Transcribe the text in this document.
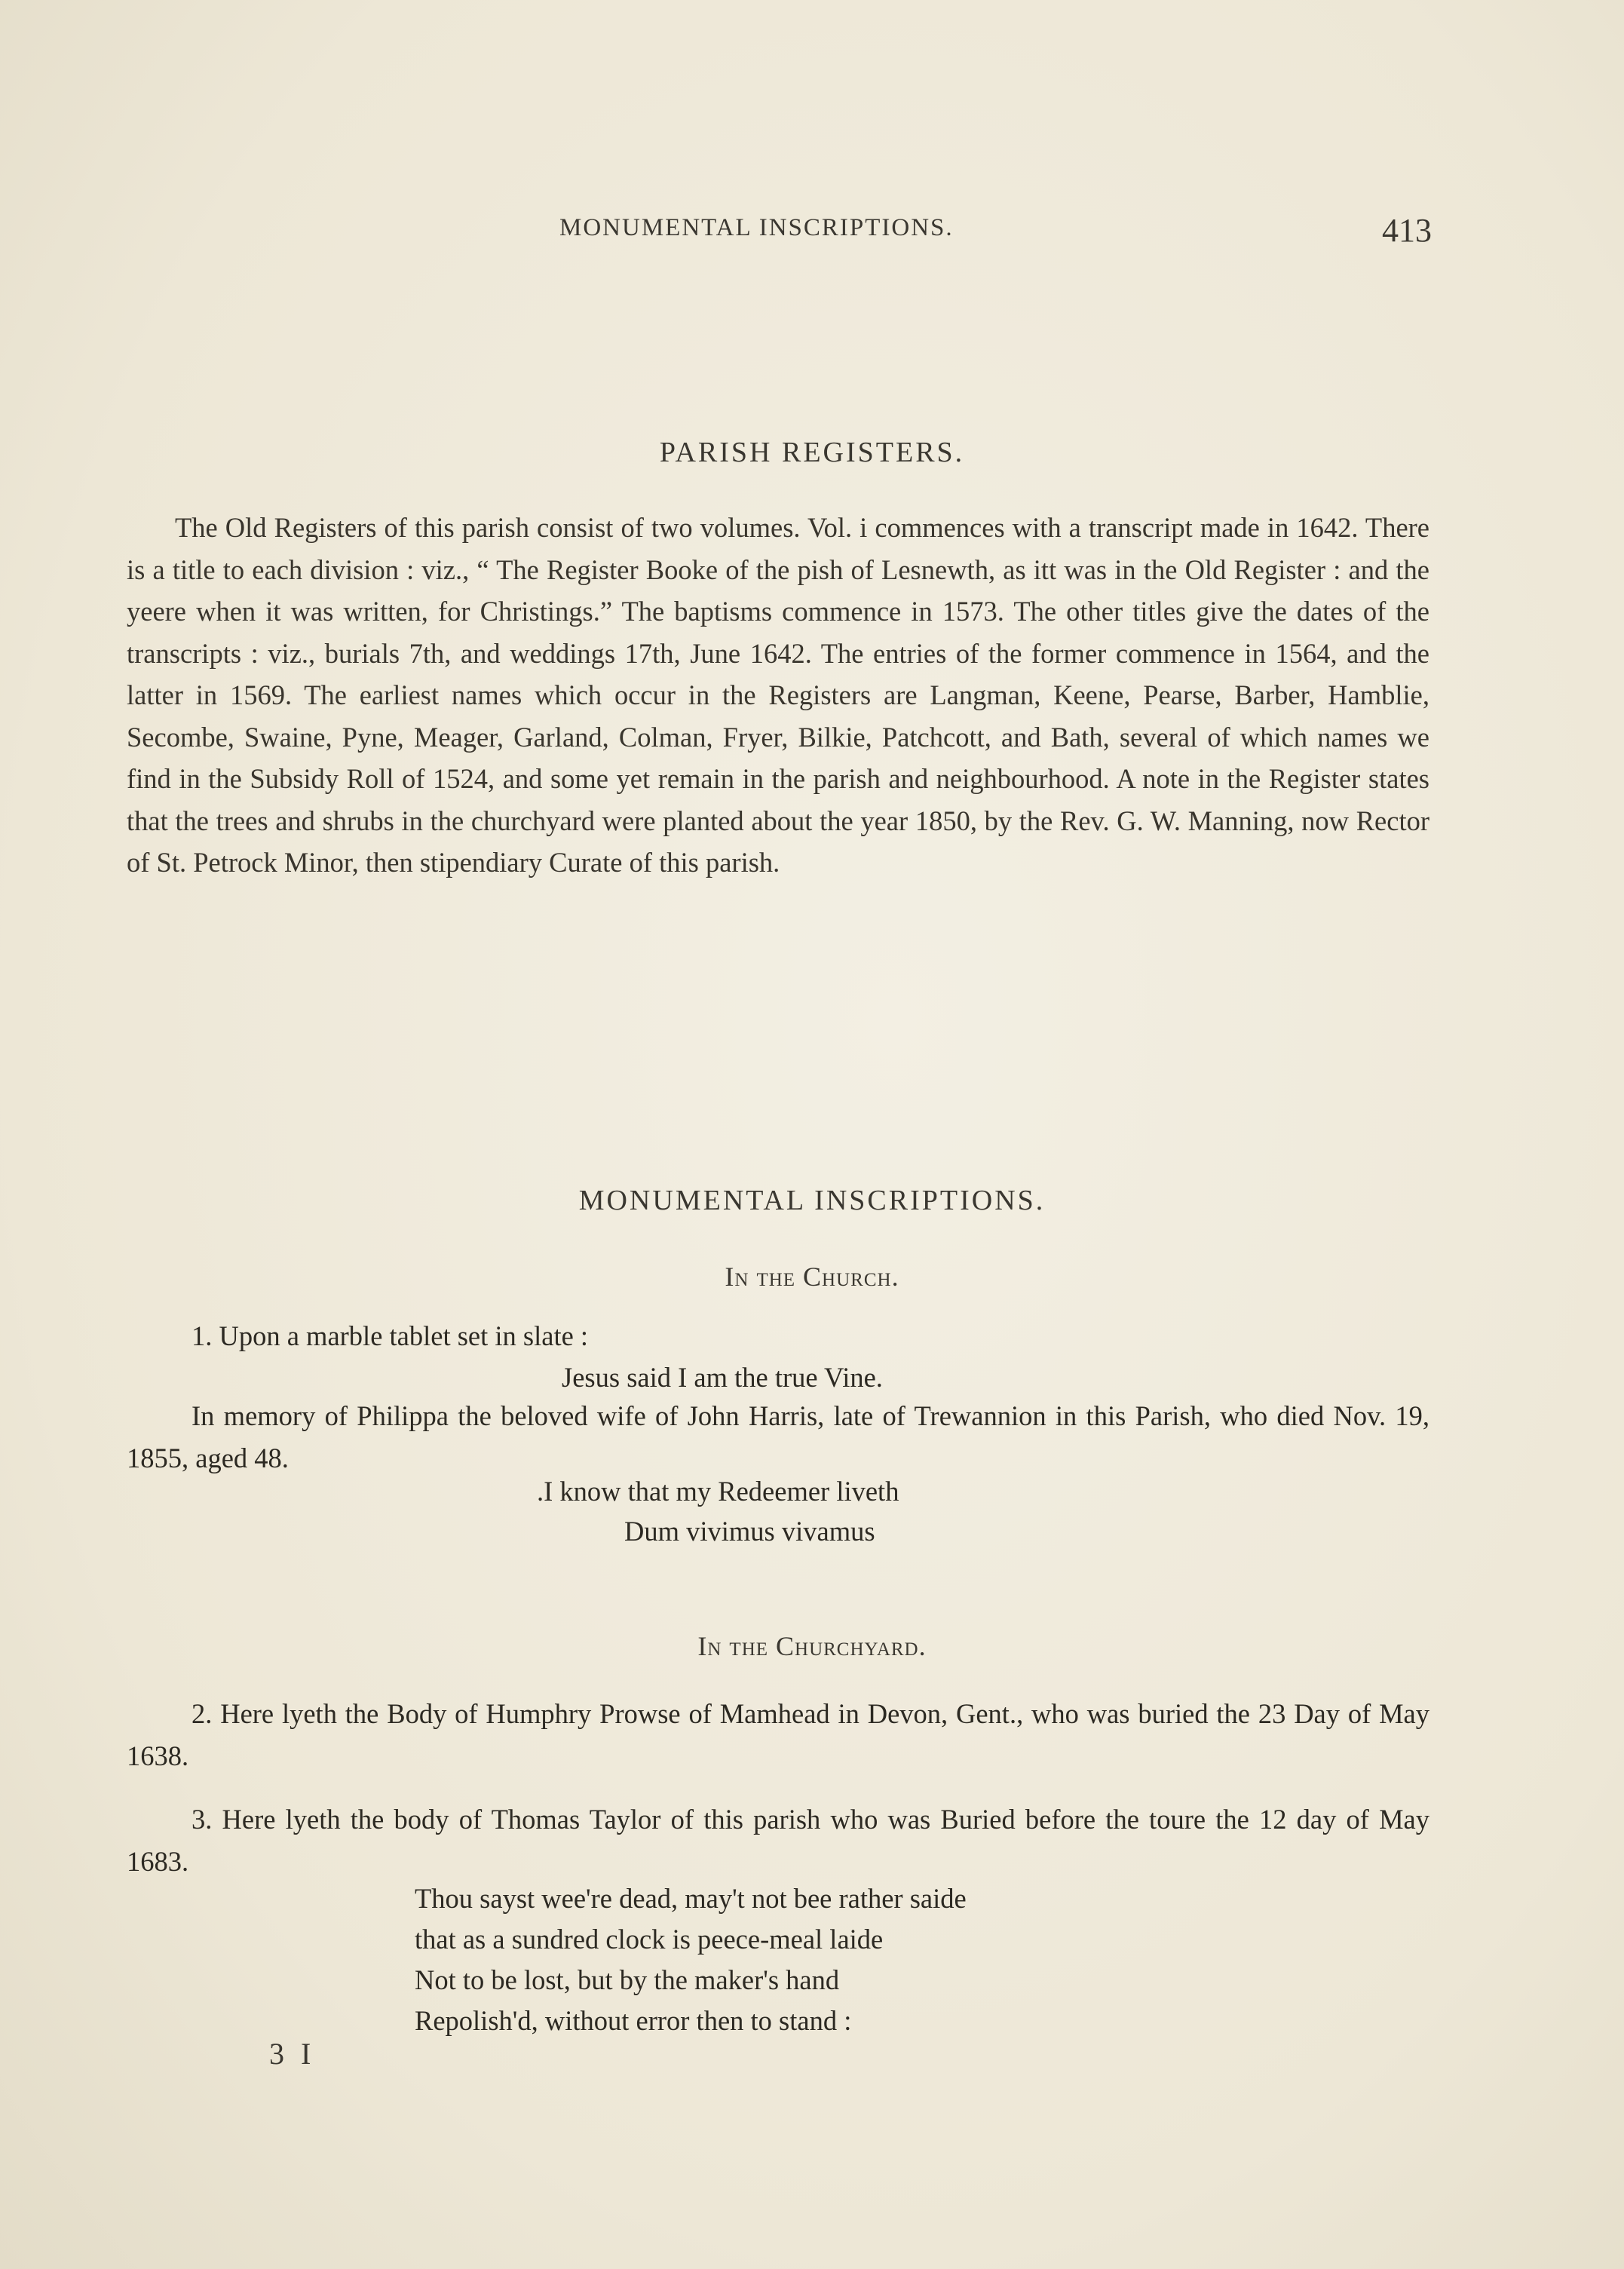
MONUMENTAL INSCRIPTIONS.	413
PARISH REGISTERS.
The Old Registers of this parish consist of two volumes. Vol. i commences with a transcript made in 1642. There is a title to each division : viz., “ The Register Booke of the pish of Lesnewth, as itt was in the Old Register : and the yeere when it was written, for Christings.” The baptisms commence in 1573. The other titles give the dates of the transcripts : viz., burials 7th, and weddings 17th, June 1642. The entries of the former commence in 1564, and the latter in 1569. The earliest names which occur in the Registers are Langman, Keene, Pearse, Barber, Hamblie, Secombe, Swaine, Pyne, Meager, Garland, Colman, Fryer, Bilkie, Patchcott, and Bath, several of which names we find in the Subsidy Roll of 1524, and some yet remain in the parish and neighbourhood. A note in the Register states that the trees and shrubs in the churchyard were planted about the year 1850, by the Rev. G. W. Manning, now Rector of St. Petrock Minor, then stipendiary Curate of this parish.
MONUMENTAL INSCRIPTIONS.
In the Church.
1. Upon a marble tablet set in slate :
Jesus said I am the true Vine.
In memory of Philippa the beloved wife of John Harris, late of Trewannion in this Parish, who died Nov. 19, 1855, aged 48.
.I know that my Redeemer liveth
Dum vivimus vivamus
In the Churchyard.
2. Here lyeth the Body of Humphry Prowse of Mamhead in Devon, Gent., who was buried the 23 Day of May 1638.
3. Here lyeth the body of Thomas Taylor of this parish who was Buried before the toure the 12 day of May 1683.
Thou sayst wee're dead, may't not bee rather saide
that as a sundred clock is peece-meal laide
Not to be lost, but by the maker's hand
Repolish'd, without error then to stand :
3 I
